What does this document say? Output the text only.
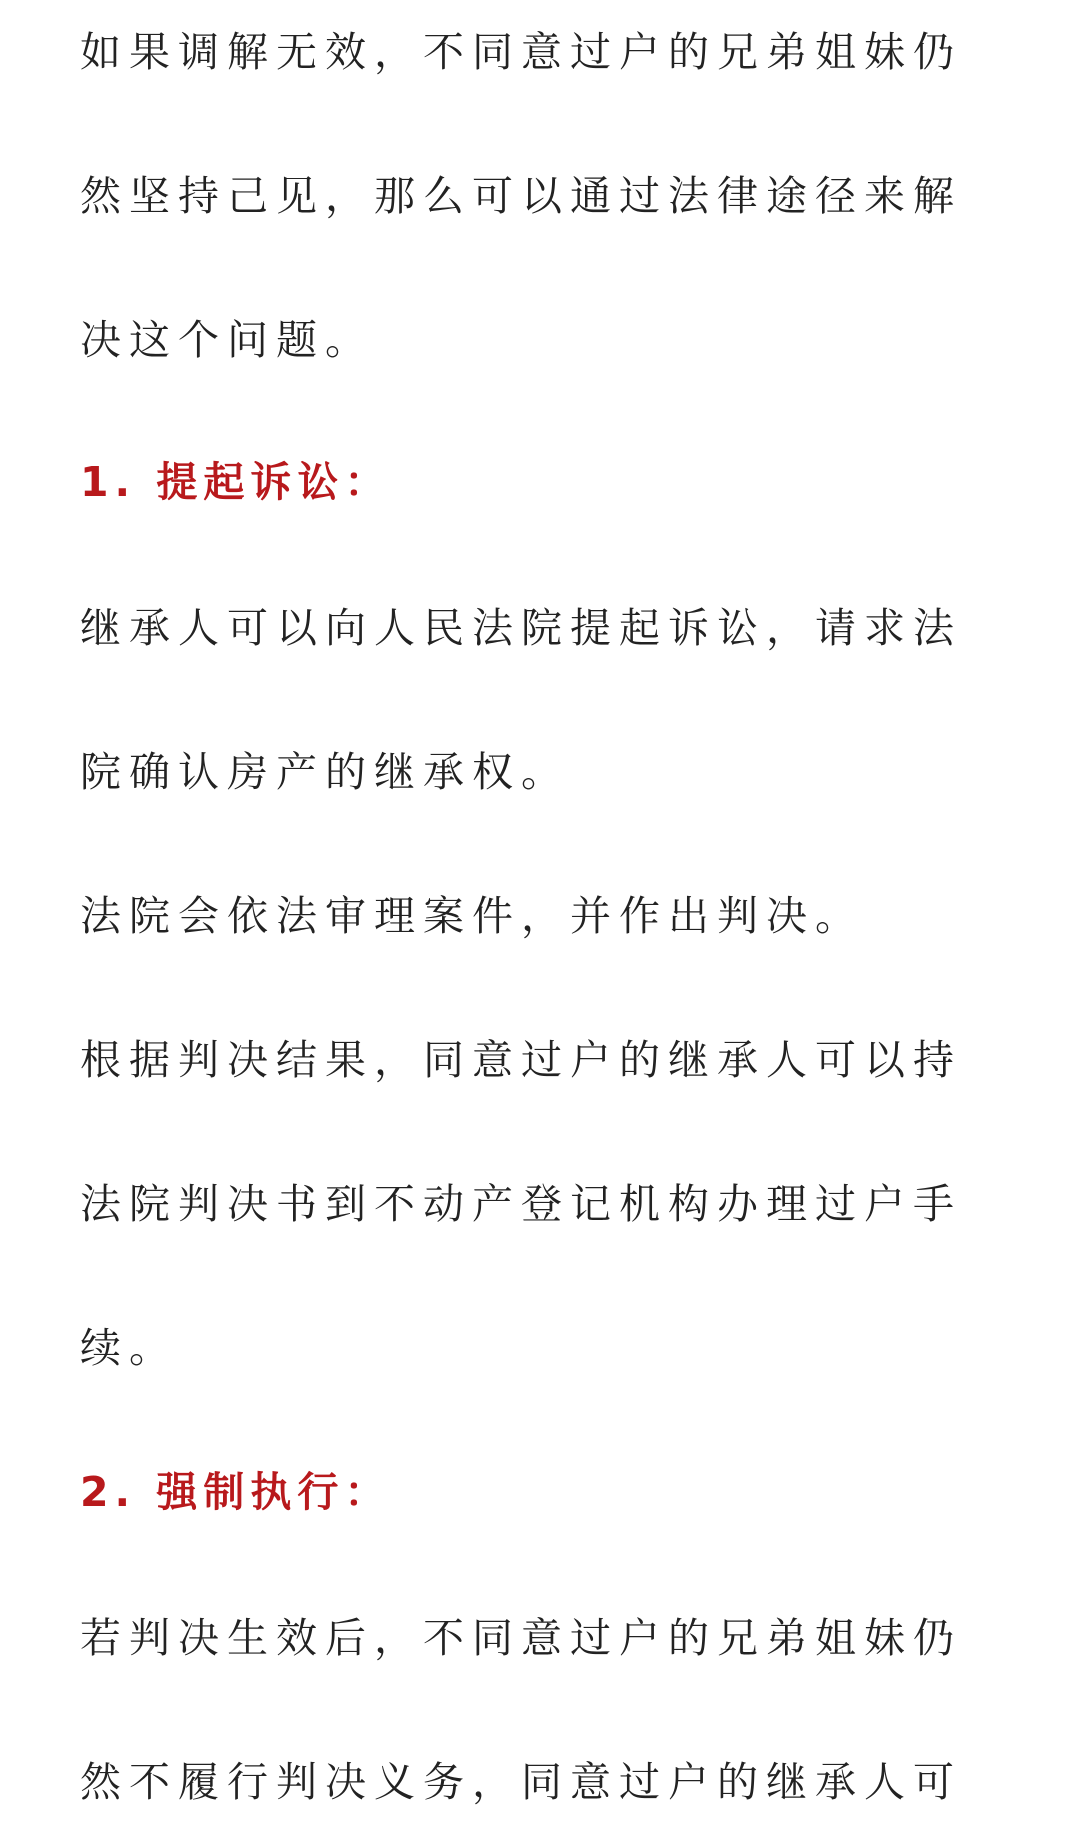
如果调解无效，不同意过户的兄弟姐妹仍
然坚持己见，那么可以通过法律途径来解
决这个问题。
1. 提起诉讼：
继承人可以向人民法院提起诉讼，请求法
院确认房产的继承权。
法院会依法审理案件，并作出判决。
根据判决结果，同意过户的继承人可以持
法院判决书到不动产登记机构办理过户手
续。
2. 强制执行：
若判决生效后，不同意过户的兄弟姐妹仍
然不履行判决义务，同意过户的继承人可
